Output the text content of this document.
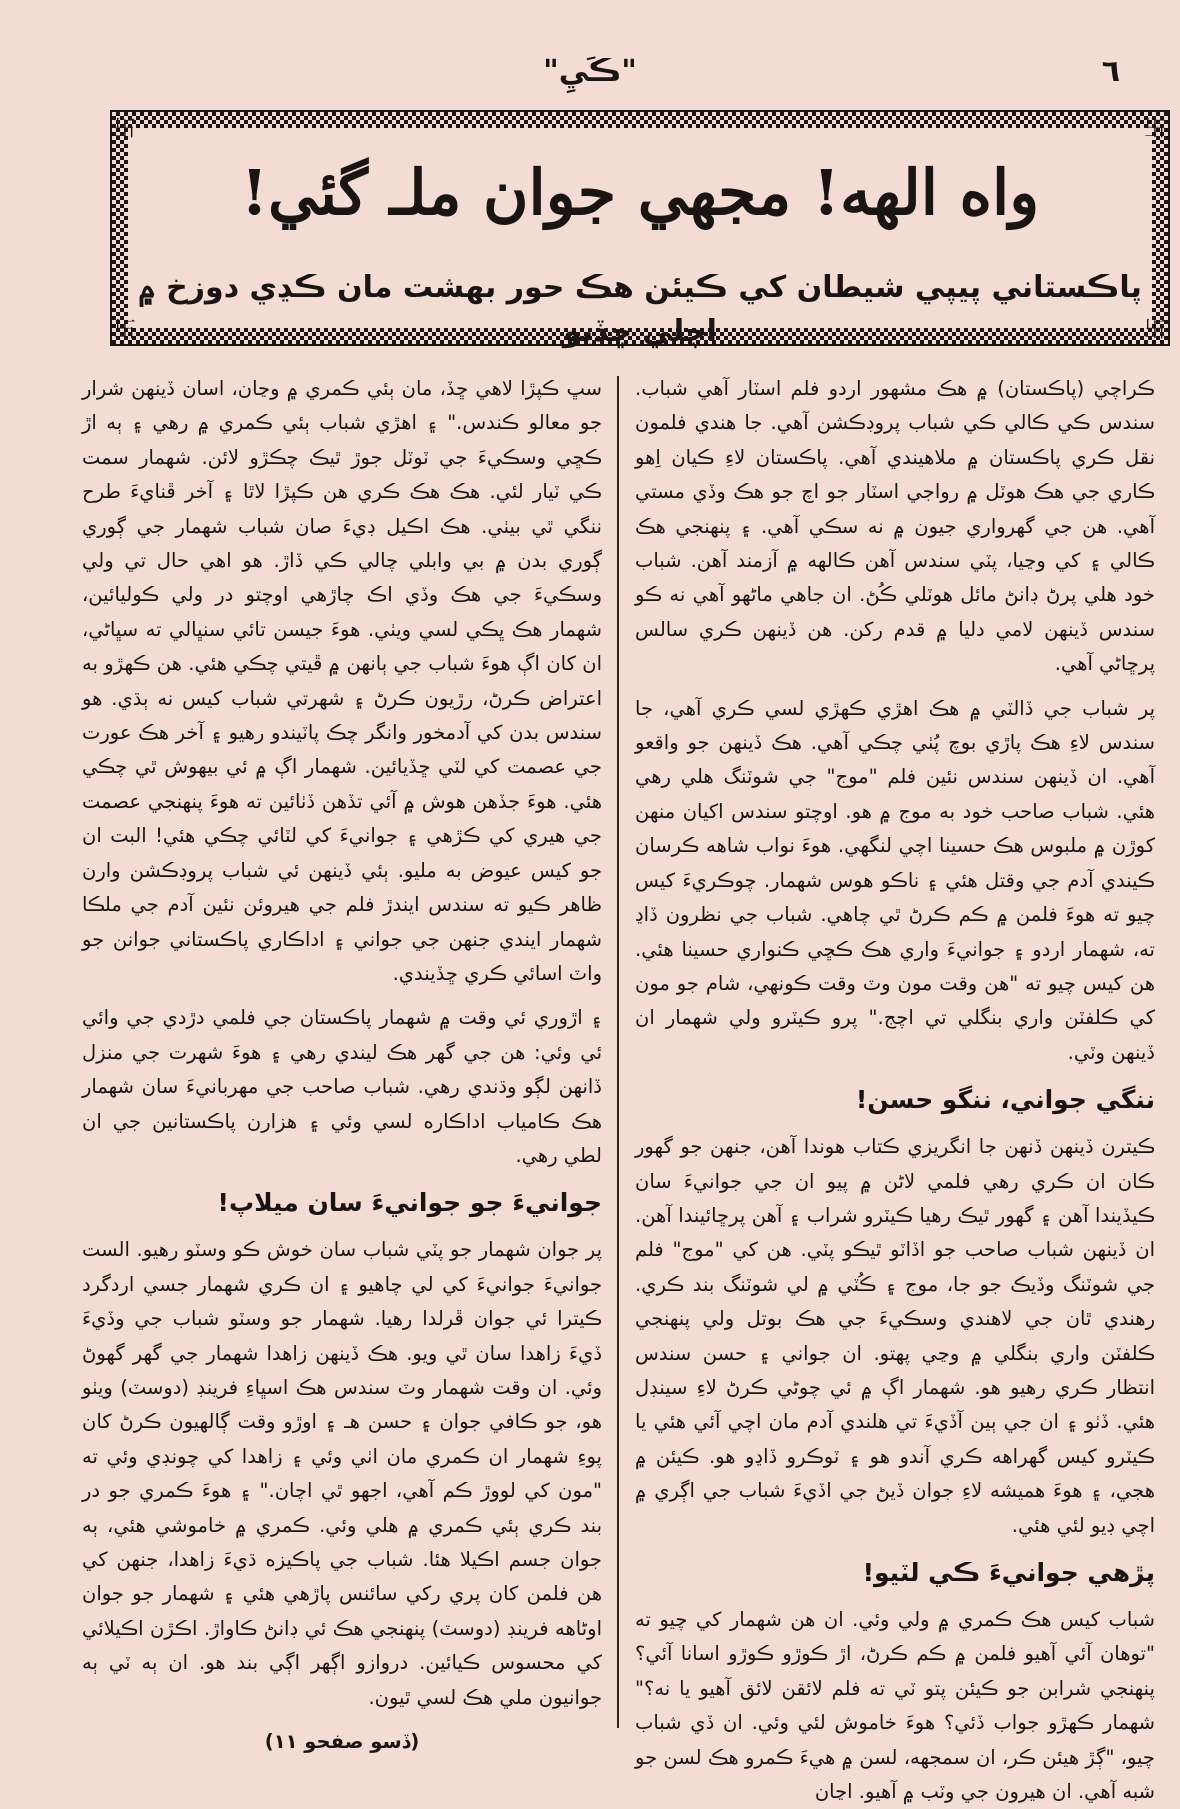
٦
"ڪَيِ"
卐	卐
卐	卐
واه الهه! مجهي جوان ملـ گئي!
پاڪستاني پيپي شيطان کي ڪيئن هڪ حور بهشت مان ڪڍي دوزخ ۾ اچلي ڇڏيو

ڪراچي (پاڪستان) ۾ هڪ مشهور اردو فلم اسٽار آهي شباب. سندس ڪي ڪالي ڪي شباب پروڊڪشن آهي. جا هندي فلمون نقل ڪري پاڪستان ۾ ملاهيندي آهي. پاڪستان لاءِ ڪيان اِهو ڪاري جي هڪ هوٽل ۾ رواجي اسٽار جو اچ جو هڪ وڏي مستي آهي. هن جي گهرواري جيون ۾ نه سڪي آهي. ۽ پنهنجي هڪ ڪالي ۽ کي وڃيا، پٽي سندس آهن ڪالهه ۾ آزمند آهن. شباب خود هلي پرڻ ڊانڻ مائل هوٽلي ڪُڻ. ان جاهي ماڻهو آهي نه ڪو سندس ڏينهن لامي دليا ۾ قدم رکن. هن ڏينهن ڪري سالس پرڇاڻي آهي.

پر شباب جي ڏالٽي ۾ هڪ اهڙي ڪهڙي لسي ڪري آهي، جا سندس لاءِ هڪ پاڙي بوچ پُٺي چڪي آهي. هڪ ڏينهن جو واقعو آهي. ان ڏينهن سندس نئين فلم "موج" جي شوٽنگ هلي رهي هئي. شباب صاحب خود به موج ۾ هو. اوچتو سندس اکيان منهن کوڙن ۾ ملبوس هڪ حسينا اچي لنگهي. هوءَ نواب شاهه ڪرسان ڪيندي آدم جي وقتل هئي ۽ ناڪو هوس شهمار. چوڪريءَ کيس چيو ته هوءَ فلمن ۾ ڪم ڪرڻ ٿي چاهي. شباب جي نظرون ڏاڍ ته، شهمار اردو ۽ جوانيءَ واري هڪ ڪڇي ڪنواري حسينا هئي. هن کيس چيو ته "هن وقت مون وٽ وقت ڪونهي، شام جو مون کي ڪلفٽن واري بنگلي تي اچج." پرو ڪيٽرو ولي شهمار ان ڏينهن وٽي.

ننگي جواني، ننگو حسن!

ڪيترن ڏينهن ڏنهن جا انگريزي ڪتاب هوندا آهن، جنهن جو گهور ڪان ان ڪري رهي فلمي لاڻن ۾ پيو ان جي جوانيءَ سان ڪيڏيندا آهن ۽ گهور ٿيڪ رهيا ڪيٽرو شراب ۽ آهن پرڇائيندا آهن. ان ڏينهن شباب صاحب جو اڏاٽو ٿيڪو پٽي. هن کي "موج" فلم جي شوٽنگ وڏيڪ جو جا، موج ۽ ڪُٽي ۾ لي شوٽنگ بند ڪري. رهندي ٿان جي لاهندي وسڪيءَ جي هڪ بوتل ولي پنهنجي ڪلفٽن واري بنگلي ۾ وڃي پهتو. ان جواني ۽ حسن سندس انتظار ڪري رهيو هو. شهمار اڳ ۾ ئي چوڻي ڪرڻ لاءِ سينڊل هئي. ڏٺو ۽ ان جي ٻين آڏيءَ تي هلندي آدم مان اچي آئي هئي يا ڪيٽرو کيس گهراهه ڪري آندو هو ۽ ٽوڪرو ڏاڍو هو. ڪيئن ۾ هجي، ۽ هوءَ هميشه لاءِ جوان ڏيڻ جي اڏيءَ شباب جي اڳري ۾ اچي ڊيو لئي هئي.

پڙهي جوانيءَ ڪي لٽيو!

شباب کيس هڪ ڪمري ۾ ولي وئي. ان هن شهمار کي چيو ته "توهان آئي آهيو فلمن ۾ ڪم ڪرڻ، اڙ ڪوڙو ڪوڙو اسانا آئي؟ پنهنجي شرابن جو ڪيئن پتو ٽي ته فلم لائقن لائق آهيو يا نه؟" شهمار ڪهڙو جواب ڏئي؟ هوءَ خاموش لئي وئي. ان ڏي شباب چيو، "ڳڙ هيئن ڪر، ان سمجهه، لسن ۾ هيءَ ڪمرو هڪ لسن جو شبه آهي. ان هيرون جي وٽب ۾ آهيو. اڃان

سڀ ڪپڙا لاهي ڇڏ، مان ٻئي ڪمري ۾ وڃان، اسان ڏينهن شرار جو معالو ڪندس." ۽ اهڙي شباب ٻئي ڪمري ۾ رهي ۽ ٻه اڙ ڪڇي وسڪيءَ جي ٽوٽل جوڙ ٿيڪ چڪڙو لائن. شهمار سمت ڪي ٽيار لئي. هڪ هڪ ڪري هن ڪپڙا لاٿا ۽ آخر ڦنايءَ طرح ننگي ٿي بيٺي. هڪ اڪيل ڊيءَ صان شباب شهمار جي ڳوري ڳوري بدن ۾ بي وابلي چالي ڪي ڏاڙ. هو اهي حال تي ولي وسڪيءَ جي هڪ وڏي اڪ چاڙهي اوچتو در ولي ڪوليائين، شهمار هڪ ڀڪي لسي ويٺي. هوءَ جيسن تائي سنڀالي ته سڀاڻي، ان کان اڳ هوءَ شباب جي ٻانهن ۾ ڦيتي چڪي هئي. هن ڪهڙو به اعتراض ڪرڻ، رڙيون ڪرڻ ۽ شهرتي شباب کيس نه ٻڌي. هو سندس بدن کي آدمخور وانگر چڪ پاٽيندو رهيو ۽ آخر هڪ عورت جي عصمت کي لٽي ڇڏيائين. شهمار اڳ ۾ ئي بيهوش ٿي چڪي هئي. هوءَ جڏهن هوش ۾ آئي تڏهن ڏٺائين ته هوءَ پنهنجي عصمت جي هيري کي ڪڙهي ۽ جوانيءَ کي لٽائي چڪي هئي! البت ان جو کيس عيوض به مليو. ٻئي ڏينهن ئي شباب پروڊڪشن وارن ظاهر ڪيو ته سندس ايندڙ فلم جي هيروئن نئين آدم جي ملڪا شهمار ايندي جنهن جي جواني ۽ اداڪاري پاڪستاني جوانن جو واٽ اسائي ڪري ڇڏيندي.

۽ اڙوري ئي وقت ۾ شهمار پاڪستان جي فلمي دڙدي جي وائي ئي وئي: هن جي گهر هڪ ليندي رهي ۽ هوءَ شهرت جي منزل ڏانهن لڳو وڌندي رهي. شباب صاحب جي مهربانيءَ سان شهمار هڪ ڪامياب اداڪاره لسي وئي ۽ هزارن پاڪستانين جي ان لطي رهي.

جوانيءَ جو جوانيءَ سان ميلاپ!

پر جوان شهمار جو پٽي شباب سان خوش ڪو وسٽو رهيو. الست جوانيءَ جوانيءَ کي لي چاهيو ۽ ان ڪري شهمار جسي اردگرد ڪيترا ئي جوان ڦرلدا رهيا. شهمار جو وسٽو شباب جي وڏيءَ ڏيءَ زاهدا سان ٿي ويو. هڪ ڏينهن زاهدا شهمار جي گهر گهوڻ وئي. ان وقت شهمار وٽ سندس هڪ اسڀاءِ فرينڊ (دوسٽ) ويٺو هو، جو ڪافي جوان ۽ حسن هـ ۽ اوڙو وقت ڳالهيون ڪرڻ کان پوءِ شهمار ان ڪمري مان اٺي وئي ۽ زاهدا کي چونڊي وئي ته "مون کي لووڙ ڪم آهي، اجهو ٿي اچان." ۽ هوءَ ڪمري جو در بند ڪري ٻئي ڪمري ۾ هلي وئي. ڪمري ۾ خاموشي هئي، ٻه جوان جسم اڪيلا هئا. شباب جي پاڪيزه ڌيءَ زاهدا، جنهن کي هن فلمن کان پري رکي سائنس پاڙهي هئي ۽ شهمار جو جوان اوڻاهه فرينڊ (دوسٽ) پنهنجي هڪ ئي ڊانڻ ڪاواڙ. اڪڙن اڪيلائي کي محسوس ڪيائين. دروازو اڳهر اڳي بند هو. ان ٻه ٽي ٻه جوانيون ملي هڪ لسي ٿيون.

(ڏسو صفحو ١١)
